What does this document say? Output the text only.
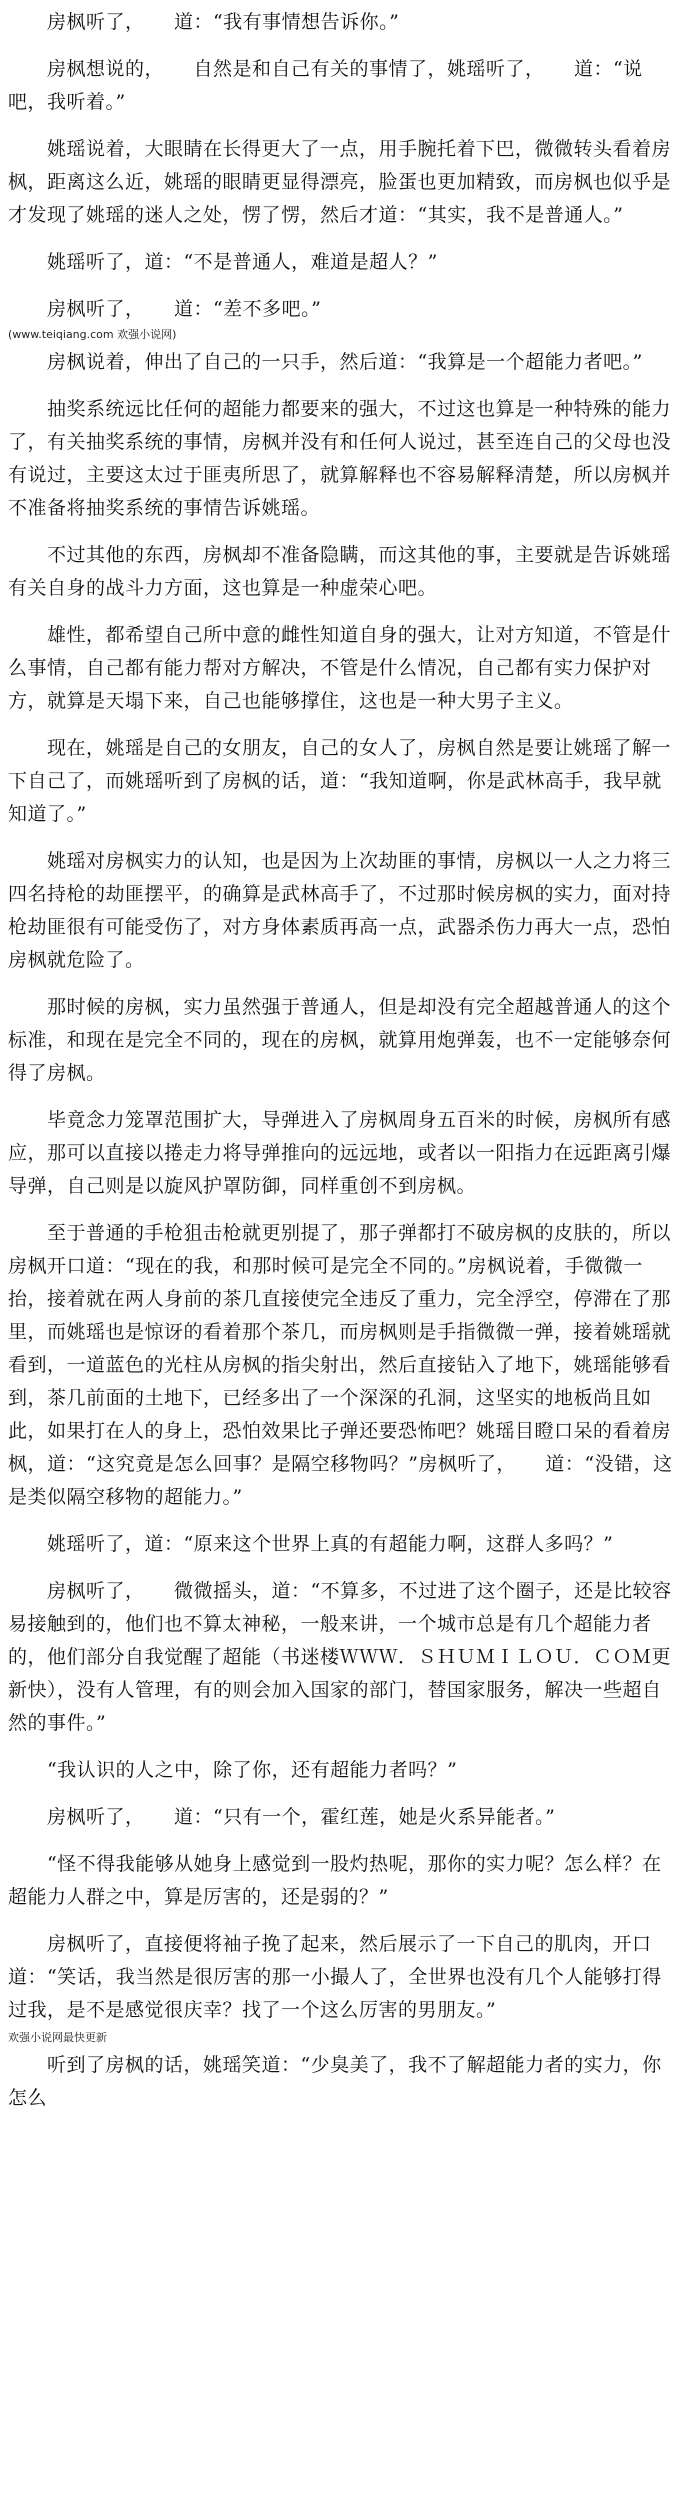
房枫听了，　　道：“我有事情想告诉你。”

房枫想说的，　　自然是和自己有关的事情了，姚瑶听了，　　道：“说吧，我听着。”

姚瑶说着，大眼睛在长得更大了一点，用手腕托着下巴，微微转头看着房枫，距离这么近，姚瑶的眼睛更显得漂亮，脸蛋也更加精致，而房枫也似乎是才发现了姚瑶的迷人之处，愣了愣，然后才道：“其实，我不是普通人。”

姚瑶听了，道：“不是普通人，难道是超人？”

房枫听了，　　道：“差不多吧。”

(www.teiqiang.com 欢强小说网)

房枫说着，伸出了自己的一只手，然后道：“我算是一个超能力者吧。”

抽奖系统远比任何的超能力都要来的强大，不过这也算是一种特殊的能力了，有关抽奖系统的事情，房枫并没有和任何人说过，甚至连自己的父母也没有说过，主要这太过于匪夷所思了，就算解释也不容易解释清楚，所以房枫并不准备将抽奖系统的事情告诉姚瑶。

不过其他的东西，房枫却不准备隐瞒，而这其他的事，主要就是告诉姚瑶有关自身的战斗力方面，这也算是一种虚荣心吧。

雄性，都希望自己所中意的雌性知道自身的强大，让对方知道，不管是什么事情，自己都有能力帮对方解决，不管是什么情况，自己都有实力保护对方，就算是天塌下来，自己也能够撑住，这也是一种大男子主义。

现在，姚瑶是自己的女朋友，自己的女人了，房枫自然是要让姚瑶了解一下自己了，而姚瑶听到了房枫的话，道：“我知道啊，你是武林高手，我早就知道了。”

姚瑶对房枫实力的认知，也是因为上次劫匪的事情，房枫以一人之力将三四名持枪的劫匪摆平，的确算是武林高手了，不过那时候房枫的实力，面对持枪劫匪很有可能受伤了，对方身体素质再高一点，武器杀伤力再大一点，恐怕房枫就危险了。

那时候的房枫，实力虽然强于普通人，但是却没有完全超越普通人的这个标准，和现在是完全不同的，现在的房枫，就算用炮弹轰，也不一定能够奈何得了房枫。

毕竟念力笼罩范围扩大，导弹进入了房枫周身五百米的时候，房枫所有感应，那可以直接以捲走力将导弹推向的远远地，或者以一阳指力在远距离引爆导弹，自己则是以旋风护罩防御，同样重创不到房枫。

至于普通的手枪狙击枪就更别提了，那子弹都打不破房枫的皮肤的，所以房枫开口道：“现在的我，和那时候可是完全不同的。”房枫说着，手微微一抬，接着就在两人身前的茶几直接使完全违反了重力，完全浮空，停滞在了那里，而姚瑶也是惊讶的看着那个茶几，而房枫则是手指微微一弹，接着姚瑶就看到，一道蓝色的光柱从房枫的指尖射出，然后直接钻入了地下，姚瑶能够看到，茶几前面的土地下，已经多出了一个深深的孔洞，这坚实的地板尚且如此，如果打在人的身上，恐怕效果比子弹还要恐怖吧？姚瑶目瞪口呆的看着房枫，道：“这究竟是怎么回事？是隔空移物吗？”房枫听了，　　道：“没错，这是类似隔空移物的超能力。”

姚瑶听了，道：“原来这个世界上真的有超能力啊，这群人多吗？”

房枫听了，　　微微摇头，道：“不算多，不过进了这个圈子，还是比较容易接触到的，他们也不算太神秘，一般来讲，一个城市总是有几个超能力者的，他们部分自我觉醒了超能（书迷楼ＷＷＷ．ＳＨＵＭＩＬＯＵ．ＣＯＭ更新快），没有人管理，有的则会加入国家的部门，替国家服务，解决一些超自然的事件。”

“我认识的人之中，除了你，还有超能力者吗？”

房枫听了，　　道：“只有一个，霍红莲，她是火系异能者。”

“怪不得我能够从她身上感觉到一股灼热呢，那你的实力呢？怎么样？在超能力人群之中，算是厉害的，还是弱的？”

房枫听了，直接便将袖子挽了起来，然后展示了一下自己的肌肉，开口道：“笑话，我当然是很厉害的那一小撮人了，全世界也没有几个人能够打得过我，是不是感觉很庆幸？找了一个这么厉害的男朋友。”

欢强小说网最快更新

听到了房枫的话，姚瑶笑道：“少臭美了，我不了解超能力者的实力，你怎么
